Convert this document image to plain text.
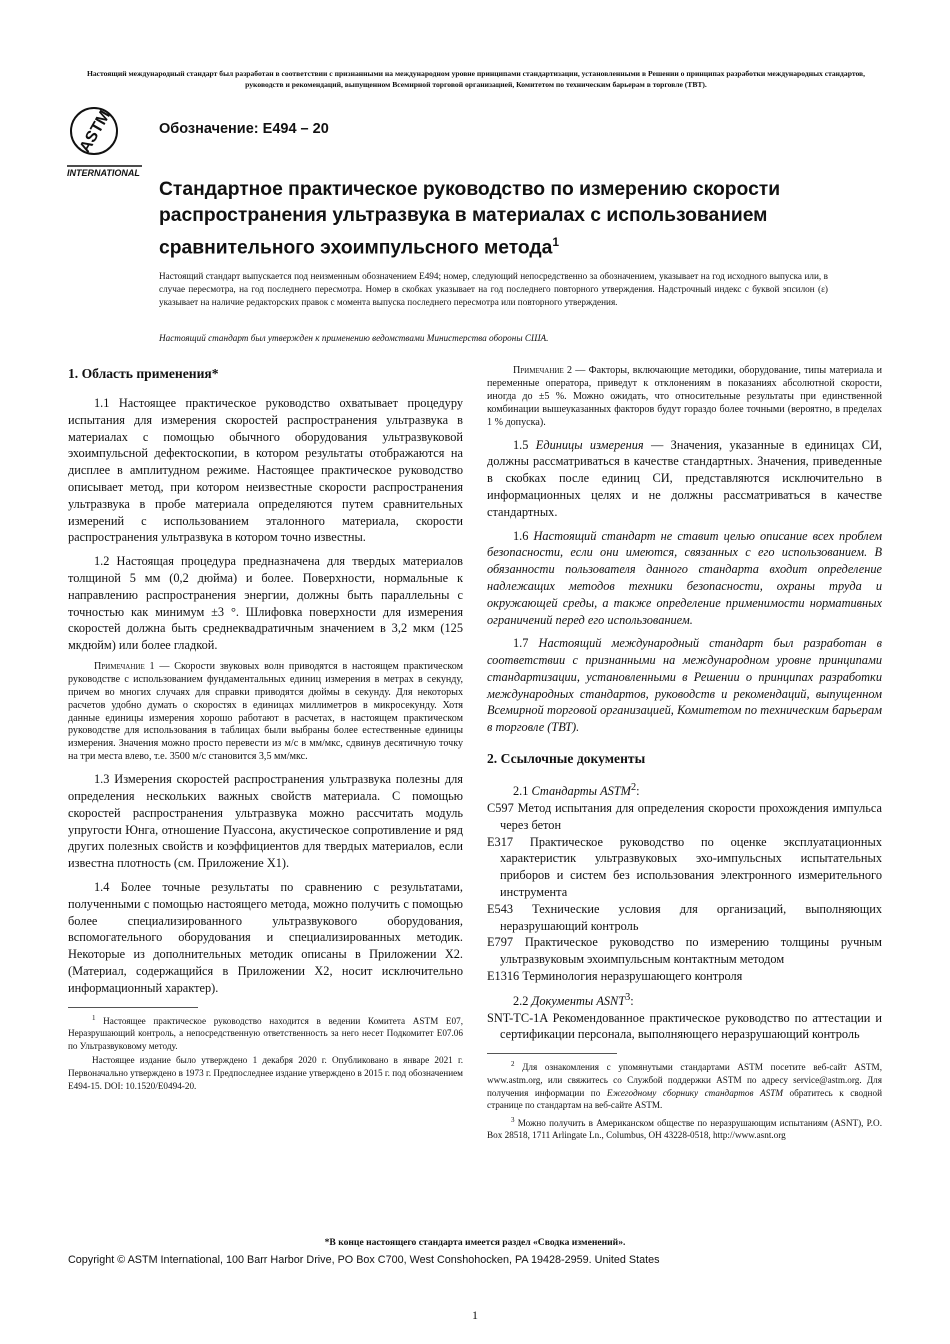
Настоящий международный стандарт был разработан в соответствии с признанными на международном уровне принципами стандартизации, установленными в Решении о принципах разработки международных стандартов, руководств и рекомендаций, выпущенном Всемирной торговой организацией, Комитетом по техническим барьерам в торговле (ТВТ).
ASTM
INTERNATIONAL
Обозначение: E494 – 20
Стандартное практическое руководство по измерению скорости распространения ультразвука в материалах с использованием сравнительного эхоимпульсного метода$^1$

Настоящий стандарт выпускается под неизменным обозначением E494; номер, следующий непосредственно за обозначением, указывает на год исходного выпуска или, в случае пересмотра, на год последнего пересмотра. Номер в скобках указывает на год последнего повторного утверждения. Надстрочный индекс с буквой эпсилон (ε) указывает на наличие редакторских правок с момента выпуска последнего пересмотра или повторного утверждения.

Настоящий стандарт был утвержден к применению ведомствами Министерства обороны США.

1. Область применения*

1.1 Настоящее практическое руководство охватывает процедуру испытания для измерения скоростей распространения ультразвука в материалах с помощью обычного оборудования ультразвуковой эхоимпульсной дефектоскопии, в котором результаты отображаются на дисплее в амплитудном режиме. Настоящее практическое руководство описывает метод, при котором неизвестные скорости распространения ультразвука в пробе материала определяются путем сравнительных измерений с использованием эталонного материала, скорости распространения ультразвука в котором точно известны.

1.2 Настоящая процедура предназначена для твердых материалов толщиной 5 мм (0,2 дюйма) и более. Поверхности, нормальные к направлению распространения энергии, должны быть параллельны с точностью как минимум ±3 °. Шлифовка поверхности для измерения скоростей должна быть среднеквадратичным значением в 3,2 мкм (125 мкдюйм) или более гладкой.

Примечание 1 — Скорости звуковых волн приводятся в настоящем практическом руководстве с использованием фундаментальных единиц измерения в метрах в секунду, причем во многих случаях для справки приводятся дюймы в секунду. Для некоторых расчетов удобно думать о скоростях в единицах миллиметров в микросекунду. Хотя данные единицы измерения хорошо работают в расчетах, в настоящем практическом руководстве для использования в таблицах были выбраны более естественные единицы измерения. Значения можно просто перевести из м/с в мм/мкс, сдвинув десятичную точку на три места влево, т.е. 3500 м/с становится 3,5 мм/мкс.

1.3 Измерения скоростей распространения ультразвука полезны для определения нескольких важных свойств материала. С помощью скоростей распространения ультразвука можно рассчитать модуль упругости Юнга, отношение Пуассона, акустическое сопротивление и ряд других полезных свойств и коэффициентов для твердых материалов, если известна плотность (см. Приложение X1).

1.4 Более точные результаты по сравнению с результатами, полученными с помощью настоящего метода, можно получить с помощью более специализированного ультразвукового оборудования, вспомогательного оборудования и специализированных методик. Некоторые из дополнительных методик описаны в Приложении X2. (Материал, содержащийся в Приложении X2, носит исключительно информационный характер).

$^1$ Настоящее практическое руководство находится в ведении Комитета ASTM E07, Неразрушающий контроль, а непосредственную ответственность за него несет Подкомитет E07.06 по Ультразвуковому методу.

Настоящее издание было утверждено 1 декабря 2020 г. Опубликовано в январе 2021 г. Первоначально утверждено в 1973 г. Предпоследнее издание утверждено в 2015 г. под обозначением E494-15. DOI: 10.1520/E0494-20.

Примечание 2 — Факторы, включающие методики, оборудование, типы материала и переменные оператора, приведут к отклонениям в показаниях абсолютной скорости, иногда до ±5 %. Можно ожидать, что относительные результаты при единственной комбинации вышеуказанных факторов будут гораздо более точными (вероятно, в пределах 1 % допуска).

1.5 Единицы измерения — Значения, указанные в единицах СИ, должны рассматриваться в качестве стандартных. Значения, приведенные в скобках после единиц СИ, представляются исключительно в информационных целях и не должны рассматриваться в качестве стандартных.

1.6 Настоящий стандарт не ставит целью описание всех проблем безопасности, если они имеются, связанных с его использованием. В обязанности пользователя данного стандарта входит определение надлежащих методов техники безопасности, охраны труда и окружающей среды, а также определение применимости нормативных ограничений перед его использованием.

1.7 Настоящий международный стандарт был разработан в соответствии с признанными на международном уровне принципами стандартизации, установленными в Решении о принципах разработки международных стандартов, руководств и рекомендаций, выпущенном Всемирной торговой организацией, Комитетом по техническим барьерам в торговле (ТВТ).

2. Ссылочные документы

2.1 Стандарты ASTM$^2$:

C597 Метод испытания для определения скорости прохождения импульса через бетон

E317 Практическое руководство по оценке эксплуатационных характеристик ультразвуковых эхо-импульсных испытательных приборов и систем без использования электронного измерительного инструмента

E543 Технические условия для организаций, выполняющих неразрушающий контроль

E797 Практическое руководство по измерению толщины ручным ультразвуковым эхоимпульсным контактным методом

E1316 Терминология неразрушающего контроля

2.2 Документы ASNT$^3$:

SNT-TC-1A Рекомендованное практическое руководство по аттестации и сертификации персонала, выполняющего неразрушающий контроль

$^2$ Для ознакомления с упомянутыми стандартами ASTM посетите веб-сайт ASTM, www.astm.org, или свяжитесь со Службой поддержки ASTM по адресу service@astm.org. Для получения информации по Ежегодному сборнику стандартов ASTM обратитесь к сводной странице по стандартам на веб-сайте ASTM.

$^3$ Можно получить в Американском обществе по неразрушающим испытаниям (ASNT), P.O. Box 28518, 1711 Arlingate Ln., Columbus, OH 43228-0518, http://www.asnt.org

*В конце настоящего стандарта имеется раздел «Сводка изменений».
Copyright © ASTM International, 100 Barr Harbor Drive, PO Box C700, West Conshohocken, PA 19428-2959. United States
1
